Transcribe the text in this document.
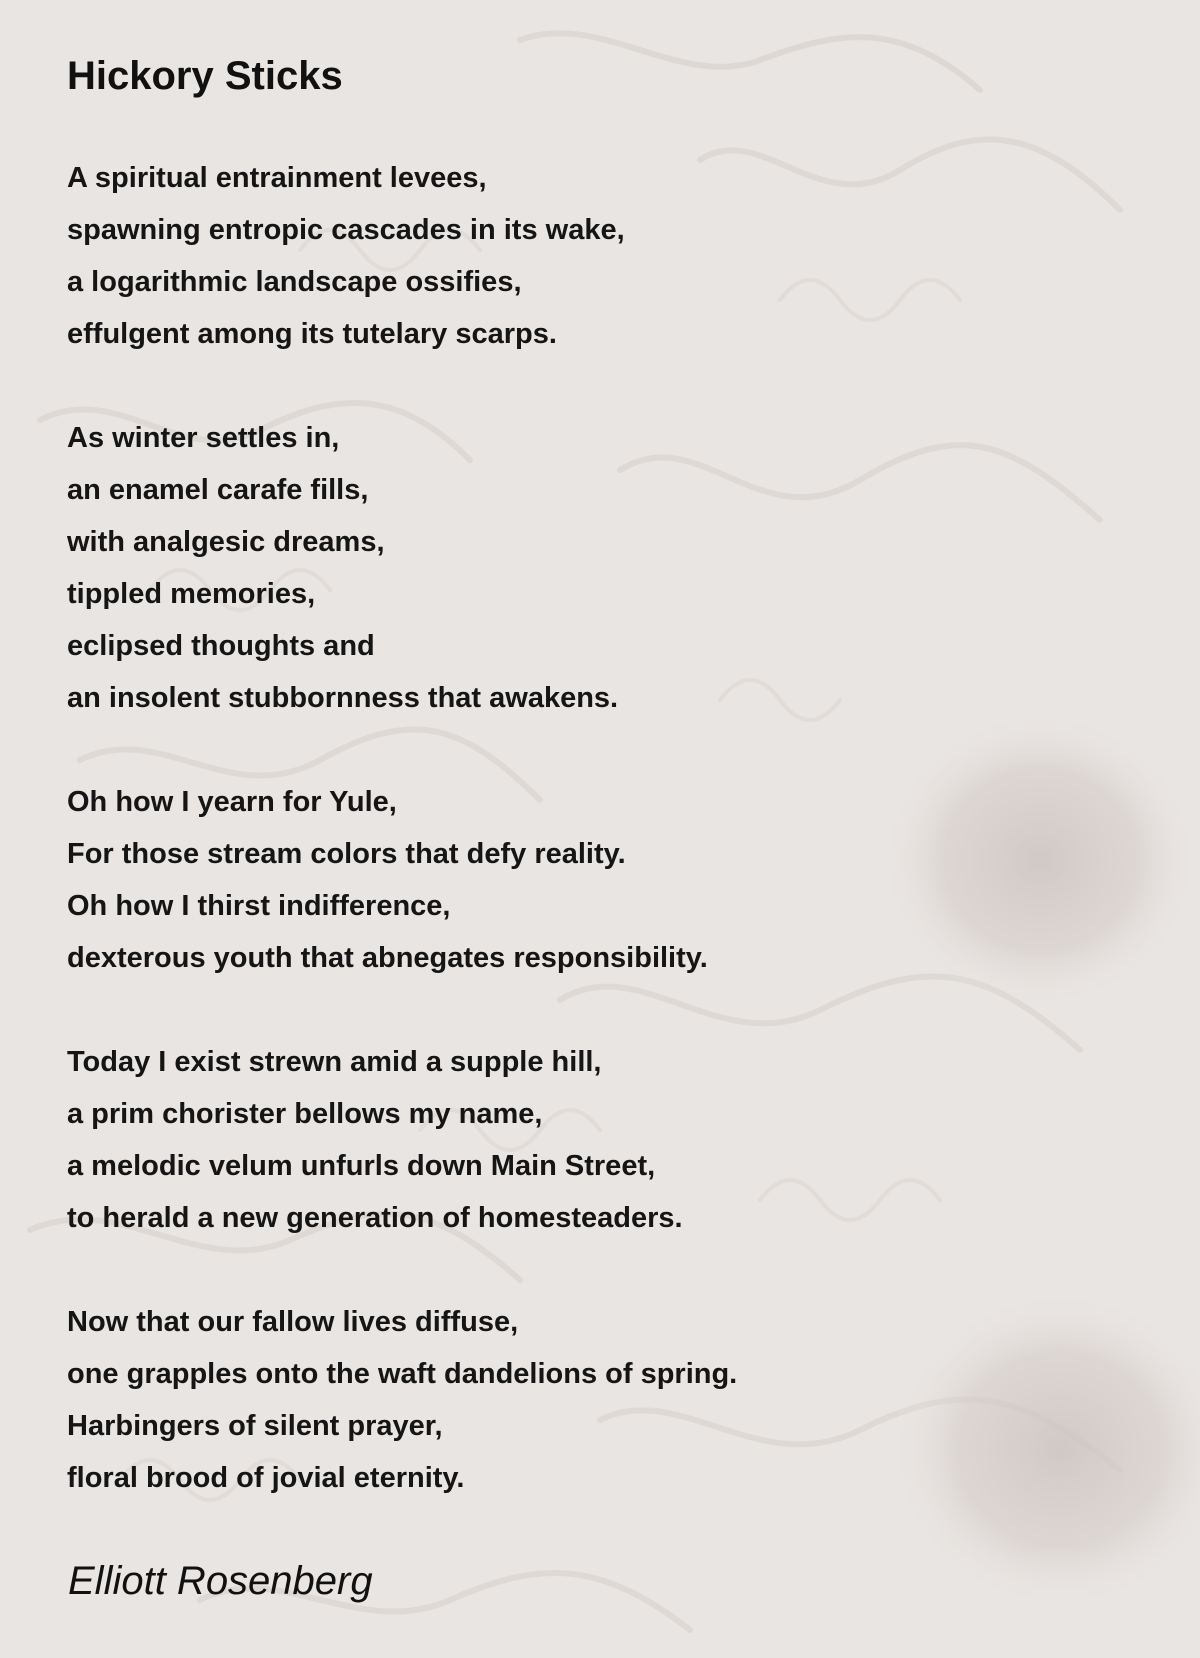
Hickory Sticks
A spiritual entrainment levees,
spawning entropic cascades in its wake,
a logarithmic landscape ossifies,
effulgent among its tutelary scarps.
As winter settles in,
an enamel carafe fills,
with analgesic dreams,
tippled memories,
eclipsed thoughts and
an insolent stubbornness that awakens.
Oh how I yearn for Yule,
For those stream colors that defy reality.
Oh how I thirst indifference,
dexterous youth that abnegates responsibility.
Today I exist strewn amid a supple hill,
a prim chorister bellows my name,
a melodic velum unfurls down Main Street,
to herald a new generation of homesteaders.
Now that our fallow lives diffuse,
one grapples onto the waft dandelions of spring.
Harbingers of silent prayer,
floral brood of jovial eternity.
Elliott Rosenberg
